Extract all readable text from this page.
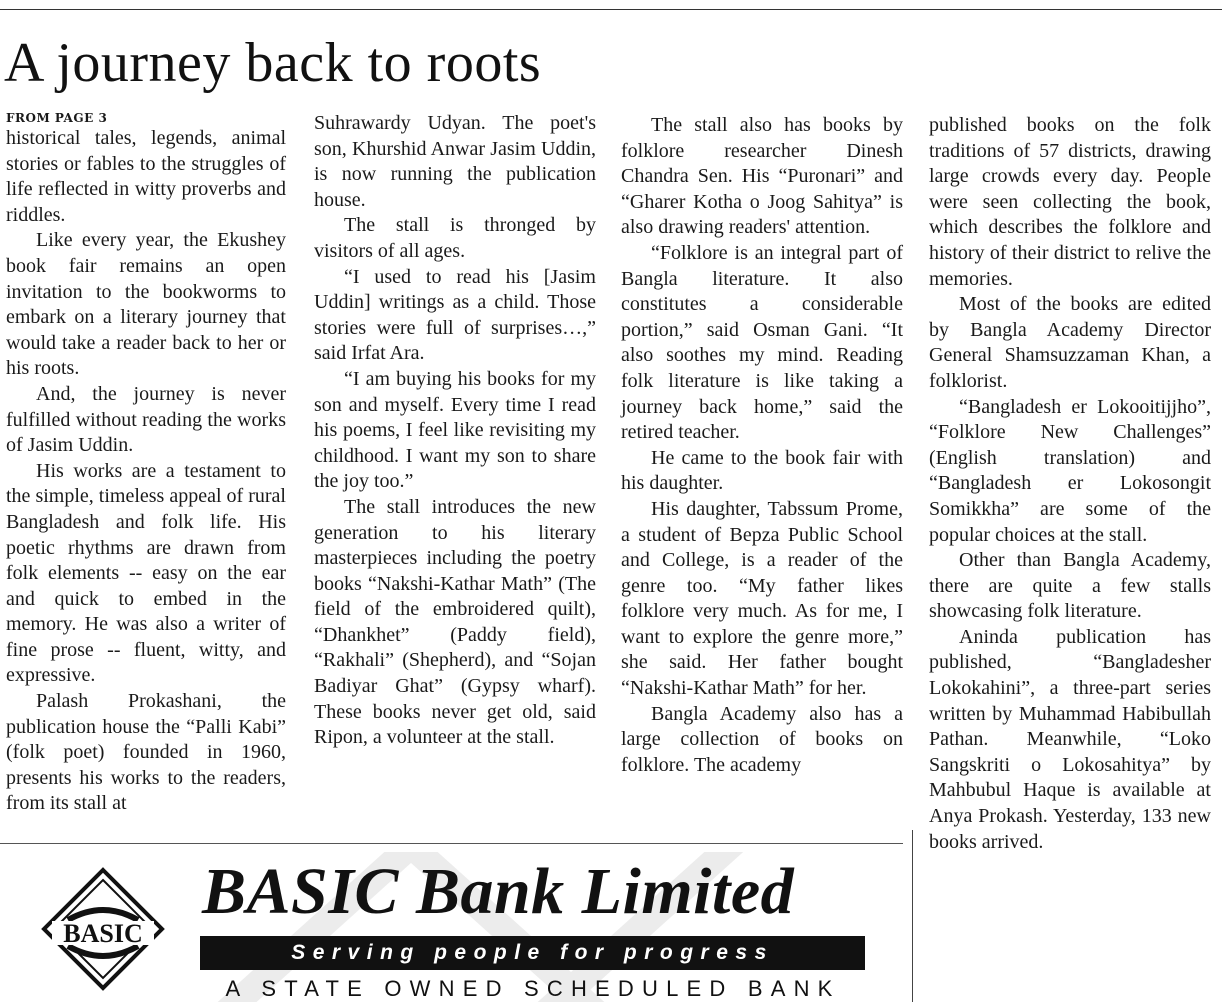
A journey back to roots
FROM PAGE 3

historical tales, legends, animal stories or fables to the struggles of life reflected in witty proverbs and riddles.

Like every year, the Ekushey book fair remains an open invitation to the bookworms to embark on a literary journey that would take a reader back to her or his roots.

And, the journey is never fulfilled without reading the works of Jasim Uddin.

His works are a testament to the simple, timeless appeal of rural Bangladesh and folk life. His poetic rhythms are drawn from folk elements -- easy on the ear and quick to embed in the memory. He was also a writer of fine prose -- fluent, witty, and expressive.

Palash Prokashani, the publication house the “Palli Kabi” (folk poet) founded in 1960, presents his works to the readers, from its stall at

Suhrawardy Udyan. The poet's son, Khurshid Anwar Jasim Uddin, is now running the publication house.

The stall is thronged by visitors of all ages.

“I used to read his [Jasim Uddin] writings as a child. Those stories were full of surprises…,” said Irfat Ara.

“I am buying his books for my son and myself. Every time I read his poems, I feel like revisiting my childhood. I want my son to share the joy too.”

The stall introduces the new generation to his literary masterpieces including the poetry books “Nakshi-Kathar Math” (The field of the embroidered quilt), “Dhankhet” (Paddy field), “Rakhali” (Shepherd), and “Sojan Badiyar Ghat” (Gypsy wharf). These books never get old, said Ripon, a volunteer at the stall.

The stall also has books by folklore researcher Dinesh Chandra Sen. His “Puronari” and “Gharer Kotha o Joog Sahitya” is also drawing readers' attention.

“Folklore is an integral part of Bangla literature. It also constitutes a considerable portion,” said Osman Gani. “It also soothes my mind. Reading folk literature is like taking a journey back home,” said the retired teacher.

He came to the book fair with his daughter.

His daughter, Tabssum Prome, a student of Bepza Public School and College, is a reader of the genre too. “My father likes folklore very much. As for me, I want to explore the genre more,” she said. Her father bought “Nakshi-Kathar Math” for her.

Bangla Academy also has a large collection of books on folklore. The academy

published books on the folk traditions of 57 districts, drawing large crowds every day. People were seen collecting the book, which describes the folklore and history of their district to relive the memories.

Most of the books are edited by Bangla Academy Director General Shamsuzzaman Khan, a folklorist.

“Bangladesh er Lokooitijjho”, “Folklore New Challenges” (English translation) and “Bangladesh er Lokosongit Somikkha” are some of the popular choices at the stall.

Other than Bangla Academy, there are quite a few stalls showcasing folk literature.

Aninda publication has published, “Bangladesher Lokokahini”, a three-part series written by Muhammad Habibullah Pathan. Meanwhile, “Loko Sangskriti o Lokosahitya” by Mahbubul Haque is available at Anya Prokash. Yesterday, 133 new books arrived.

BASIC
BASIC Bank Limited
Serving people for progress
A STATE OWNED SCHEDULED BANK
